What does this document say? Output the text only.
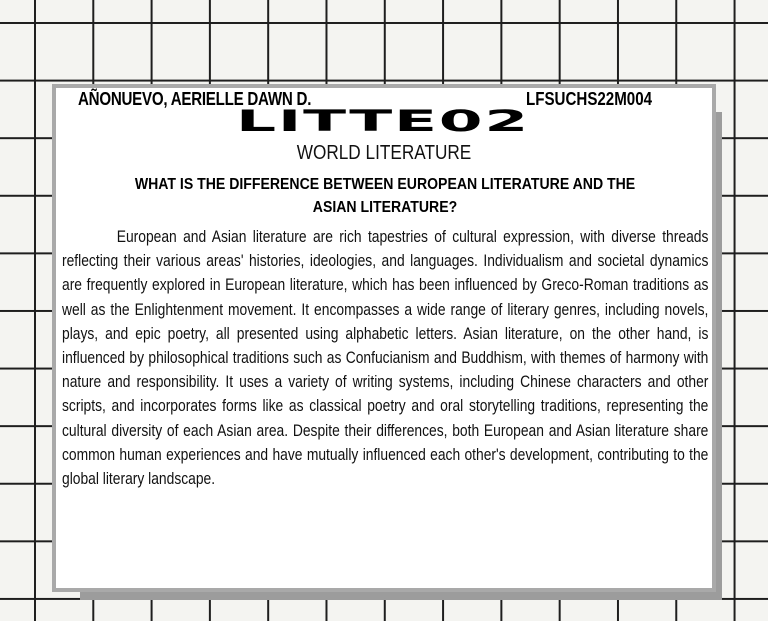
AÑONUEVO, AERIELLE DAWN D.	LFSUCHS22M004
LITTE02
WORLD LITERATURE
WHAT IS THE DIFFERENCE BETWEEN EUROPEAN LITERATURE AND THE ASIAN LITERATURE?
European and Asian literature are rich tapestries of cultural expression, with diverse threads reflecting their various areas' histories, ideologies, and languages. Individualism and societal dynamics are frequently explored in European literature, which has been influenced by Greco-Roman traditions as well as the Enlightenment movement. It encompasses a wide range of literary genres, including novels, plays, and epic poetry, all presented using alphabetic letters. Asian literature, on the other hand, is influenced by philosophical traditions such as Confucianism and Buddhism, with themes of harmony with nature and responsibility. It uses a variety of writing systems, including Chinese characters and other scripts, and incorporates forms like as classical poetry and oral storytelling traditions, representing the cultural diversity of each Asian area. Despite their differences, both European and Asian literature share common human experiences and have mutually influenced each other's development, contributing to the global literary landscape.
